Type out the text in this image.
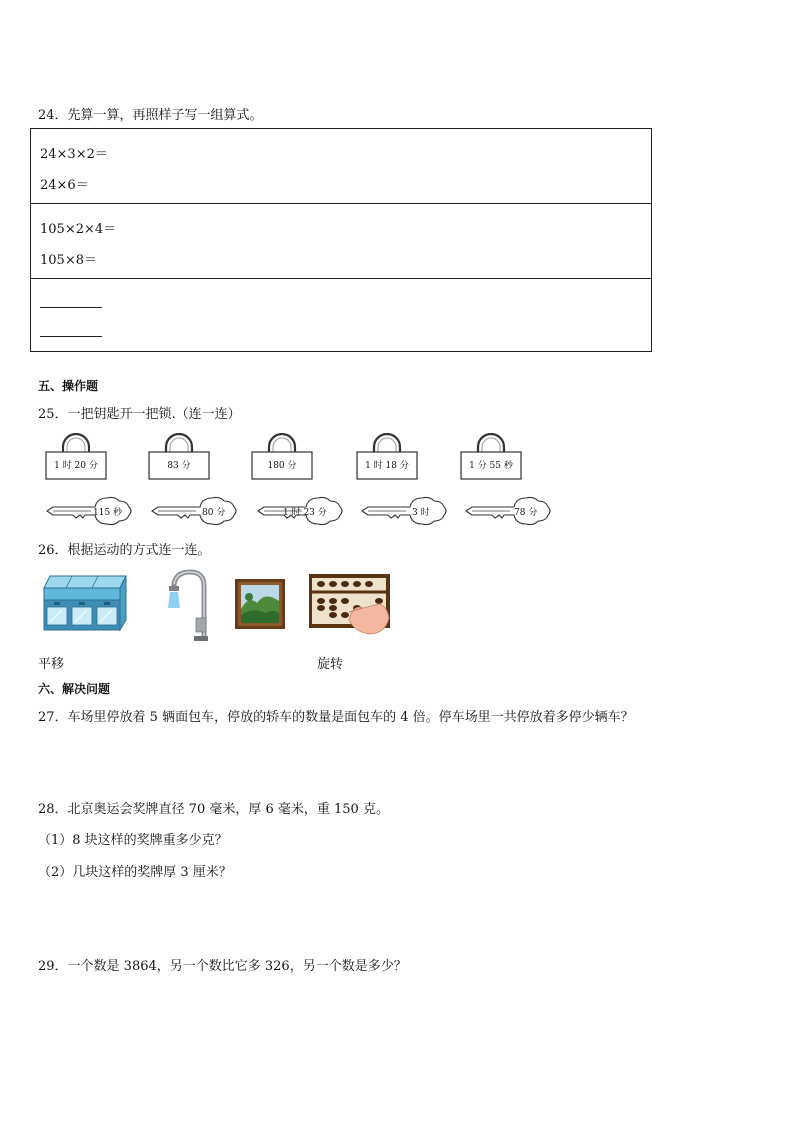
24．先算一算，再照样子写一组算式。
24×3×2＝
24×6＝
105×2×4＝
105×8＝
五、操作题
25．一把钥匙开一把锁.（连一连）
1 时 20 分	83 分	180 分	1 时 18 分	1 分 55 秒
115 秒	80 分	1 时 23 分	3 时	78 分
26．根据运动的方式连一连。
平移	旋转
六、解决问题
27．车场里停放着 5 辆面包车，停放的轿车的数量是面包车的 4 倍。停车场里一共停放着多停少辆车？
28．北京奥运会奖牌直径 70 毫米，厚 6 毫米，重 150 克。
（1）8 块这样的奖牌重多少克？
（2）几块这样的奖牌厚 3 厘米？
29．一个数是 3864，另一个数比它多 326，另一个数是多少？
